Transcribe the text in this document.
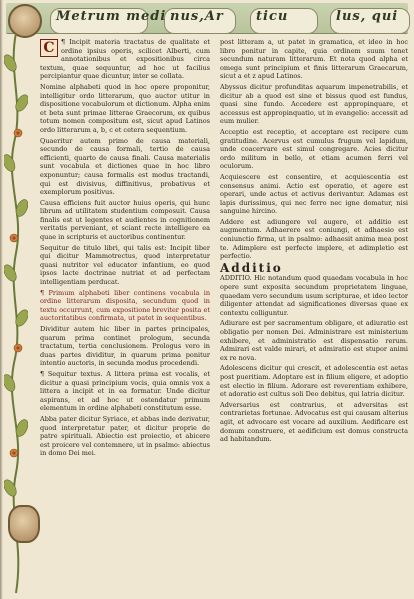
Metrum medi nus,Ar ticu	lus, qui
C ¶ Incipit materia tractatus de qualitate et ordine ipsius operis, scilicet Alberti, cum annotationibus et expositionibus circa textum, quae sequuntur, ad hoc ut facilius percipiantur quae dicuntur, inter se collata.

Nomine alphabeti quod in hoc opere proponitur, intelligitur ordo litterarum, quo auctor utitur in dispositione vocabulorum et dictionum. Alpha enim et beta sunt primae litterae Graecorum, ex quibus totum nomen compositum est, sicut apud Latinos ordo litterarum a, b, c et cetera sequentium.

Quaeritur autem primo de causa materiali, secundo de causa formali, tertio de causa efficienti, quarto de causa finali. Causa materialis sunt vocabula et dictiones quae in hoc libro exponuntur; causa formalis est modus tractandi, qui est divisivus, diffinitivus, probativus et exemplorum positivus.

Causa efficiens fuit auctor huius operis, qui hunc librum ad utilitatem studentium composuit. Causa finalis est ut legentes et audientes in cognitionem veritatis perveniant, et sciant recte intelligere ea quae in scripturis et auctoribus continentur.

Sequitur de titulo libri, qui talis est: Incipit liber qui dicitur Mammotrectus, quod interpretatur quasi nutritor vel educator infantium, eo quod ipsos lacte doctrinae nutriat et ad perfectam intelligentiam perducat.

¶ Primum alphabeti liber continens vocabula in ordine litterarum disposita, secundum quod in textu occurrunt, cum expositione breviter posita et auctoritatibus confirmata, ut patet in sequentibus.

Dividitur autem hic liber in partes principales, quarum prima continet prologum, secunda tractatum, tertia conclusionem. Prologus vero in duas partes dividitur, in quarum prima ponitur intentio auctoris, in secunda modus procedendi.

¶ Sequitur textus. A littera prima est vocalis, et dicitur a quasi principium vocis, quia omnis vox a littera a incipit et in ea formatur. Unde dicitur aspirans, et ad hoc ut ostendatur primum elementum in ordine alphabeti constitutum esse.

Abba pater dicitur Syriace, et abbas inde derivatur, quod interpretatur pater, et dicitur proprie de patre spirituali. Abiectio est proiectio, et abicere est proicere vel contemnere, ut in psalmo: abiectus in domo Dei mei.

post litteram a, ut patet in gramatica, et ideo in hoc libro ponitur in capite, quia ordinem suum tenet secundum naturam litterarum. Et nota quod alpha et omega sunt principium et finis litterarum Graecarum, sicut a et z apud Latinos.

Abyssus dicitur profunditas aquarum impenetrabilis, et dicitur ab a quod est sine et bissus quod est fundus, quasi sine fundo. Accedere est appropinquare, et accessus est appropinquatio, ut in evangelio: accessit ad eum mulier.

Acceptio est receptio, et acceptare est recipere cum gratitudine. Acervus est cumulus frugum vel lapidum, unde coacervare est simul congregare. Acies dicitur ordo militum in bello, et etiam acumen ferri vel oculorum.

Acquiescere est consentire, et acquiescentia est consensus animi. Actio est operatio, et agere est operari, unde actus et activus derivantur. Adamas est lapis durissimus, qui nec ferro nec igne domatur, nisi sanguine hircino.

Addere est adiungere vel augere, et additio est augmentum. Adhaerere est coniungi, et adhaesio est coniunctio firma, ut in psalmo: adhaesit anima mea post te. Adimplere est perfecte implere, et adimpletio est perfectio.

Additio

ADDITIO. Hic notandum quod quaedam vocabula in hoc opere sunt exposita secundum proprietatem linguae, quaedam vero secundum usum scripturae, et ideo lector diligenter attendat ad significationes diversas quae ex contextu colliguntur.

Adiurare est per sacramentum obligare, et adiuratio est obligatio per nomen Dei. Administrare est ministerium exhibere, et administratio est dispensatio rerum. Admirari est valde mirari, et admiratio est stupor animi ex re nova.

Adolescens dicitur qui crescit, et adolescentia est aetas post pueritiam. Adoptare est in filium eligere, et adoptio est electio in filium. Adorare est reverentiam exhibere, et adoratio est cultus soli Deo debitus, qui latria dicitur.

Adversarius est contrarius, et adversitas est contrarietas fortunae. Advocatus est qui causam alterius agit, et advocare est vocare ad auxilium. Aedificare est domum construere, et aedificium est domus constructa ad habitandum.
